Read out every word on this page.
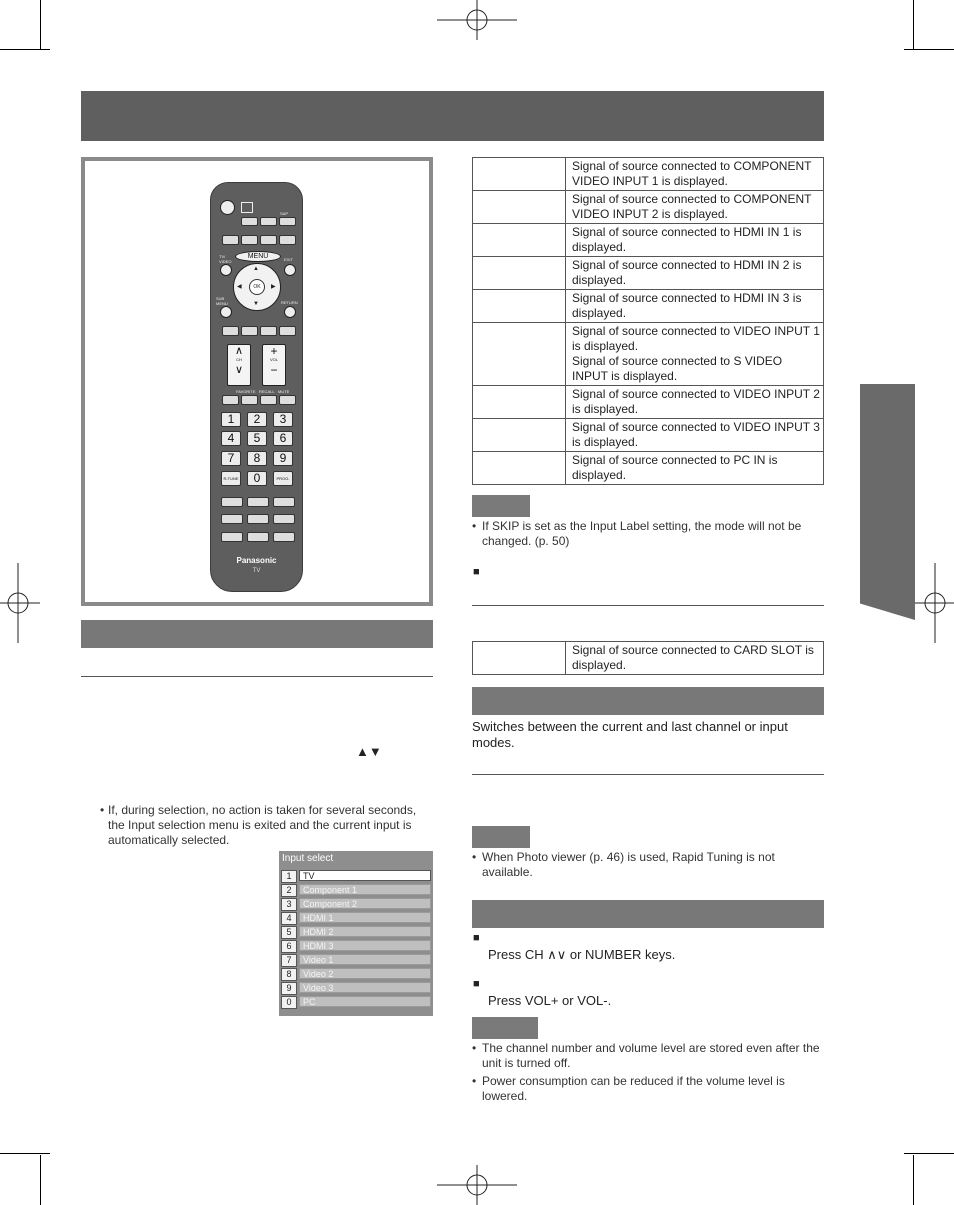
SAP
TV/ VIDEO	EXIT
MENU
OK
▲
▼
◀	▶
SUB MENU	RETURN
∧
CH
∨
+
VOL
−
FAVORITE RECALL MUTE
1	2	3
4	5	6
7	8	9
R-TUNE	0	PROG-
Panasonic
TV
▲▼
• If, during selection, no action is taken for several seconds, the Input selection menu is exited and the current input is automatically selected.
Input select
1	TV
2	Component 1
3	Component 2
4	HDMI 1
5	HDMI 2
6	HDMI 3
7	Video 1
8	Video 2
9	Video 3
0	PC
	Signal of source connected to COMPONENT VIDEO INPUT 1 is displayed.
	Signal of source connected to COMPONENT VIDEO INPUT 2 is displayed.
	Signal of source connected to HDMI IN 1 is displayed.
	Signal of source connected to HDMI IN 2 is displayed.
	Signal of source connected to HDMI IN 3 is displayed.

	Signal of source connected to VIDEO INPUT 1 is displayed.
Signal of source connected to S VIDEO INPUT is displayed.

	Signal of source connected to VIDEO INPUT 2 is displayed.
	Signal of source connected to VIDEO INPUT 3 is displayed.
	Signal of source connected to PC IN is displayed.
• If SKIP is set as the Input Label setting, the mode will not be changed. (p. 50)
■
	Signal of source connected to CARD SLOT is displayed.
Switches between the current and last channel or input modes.
• When Photo viewer (p. 46) is used, Rapid Tuning is not available.
■
Press CH ∧∨ or NUMBER keys.
■
Press VOL+ or VOL-.
• The channel number and volume level are stored even after the unit is turned off.
• Power consumption can be reduced if the volume level is lowered.
